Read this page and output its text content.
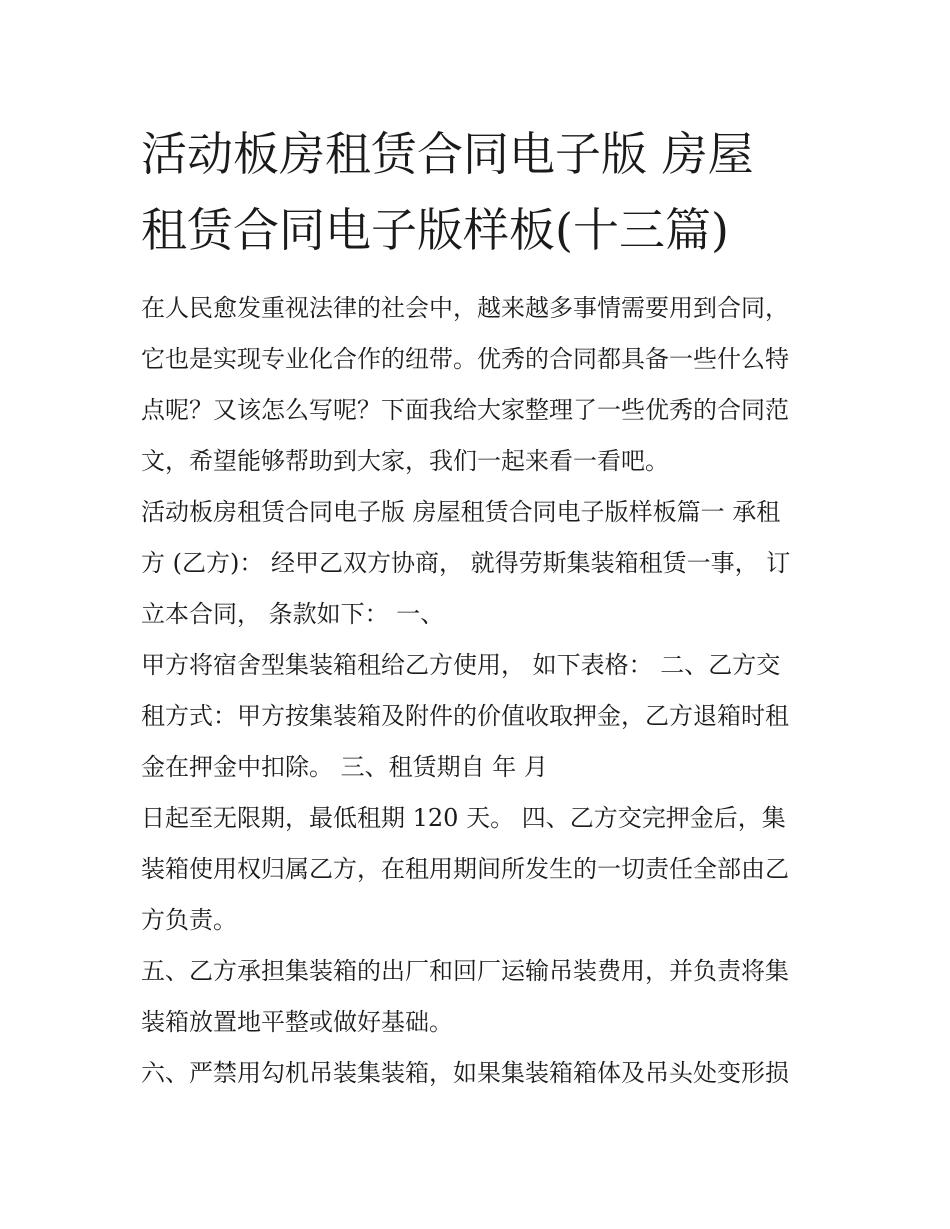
活动板房租赁合同电子版 房屋
租赁合同电子版样板(十三篇)
在人民愈发重视法律的社会中，越来越多事情需要用到合同，
它也是实现专业化合作的纽带。优秀的合同都具备一些什么特
点呢？又该怎么写呢？下面我给大家整理了一些优秀的合同范
文，希望能够帮助到大家，我们一起来看一看吧。
活动板房租赁合同电子版 房屋租赁合同电子版样板篇一 承租
方 (乙方)： 经甲乙双方协商， 就得劳斯集装箱租赁一事， 订
立本合同， 条款如下： 一、
甲方将宿舍型集装箱租给乙方使用， 如下表格： 二、乙方交
租方式：甲方按集装箱及附件的价值收取押金，乙方退箱时租
金在押金中扣除。 三、租赁期自 年 月
日起至无限期，最低租期 120 天。 四、乙方交完押金后，集
装箱使用权归属乙方，在租用期间所发生的一切责任全部由乙
方负责。
五、乙方承担集装箱的出厂和回厂运输吊装费用，并负责将集
装箱放置地平整或做好基础。
六、严禁用勾机吊装集装箱，如果集装箱箱体及吊头处变形损
